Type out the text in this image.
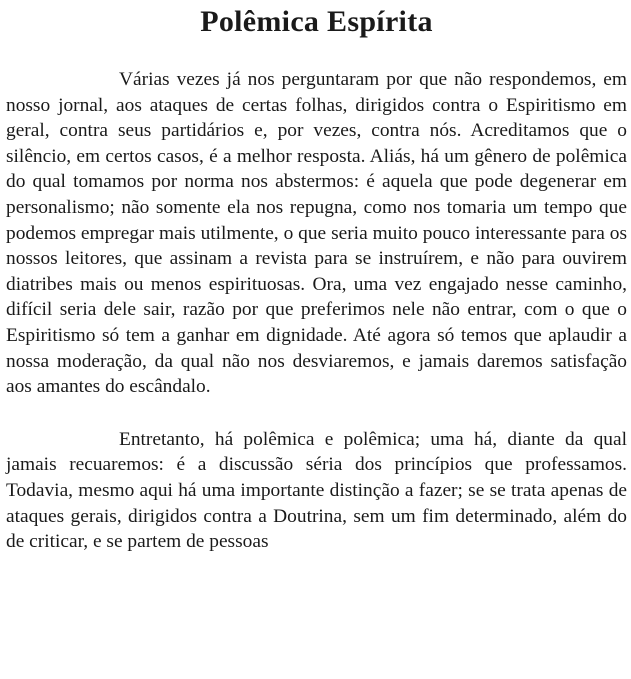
Polêmica Espírita

Várias vezes já nos perguntaram por que não respondemos, em nosso jornal, aos ataques de certas folhas, dirigidos contra o Espiritismo em geral, contra seus partidários e, por vezes, contra nós. Acreditamos que o silêncio, em certos casos, é a melhor resposta. Aliás, há um gênero de polêmica do qual tomamos por norma nos abstermos: é aquela que pode degenerar em personalismo; não somente ela nos repugna, como nos tomaria um tempo que podemos empregar mais utilmente, o que seria muito pouco interessante para os nossos leitores, que assinam a revista para se instruírem, e não para ouvirem diatribes mais ou menos espirituosas. Ora, uma vez engajado nesse caminho, difícil seria dele sair, razão por que preferimos nele não entrar, com o que o Espiritismo só tem a ganhar em dignidade. Até agora só temos que aplaudir a nossa moderação, da qual não nos desviaremos, e jamais daremos satisfação aos amantes do escândalo.

Entretanto, há polêmica e polêmica; uma há, diante da qual jamais recuaremos: é a discussão séria dos princípios que professamos. Todavia, mesmo aqui há uma importante distinção a fazer; se se trata apenas de ataques gerais, dirigidos contra a Doutrina, sem um fim determinado, além do de criticar, e se partem de pessoas
